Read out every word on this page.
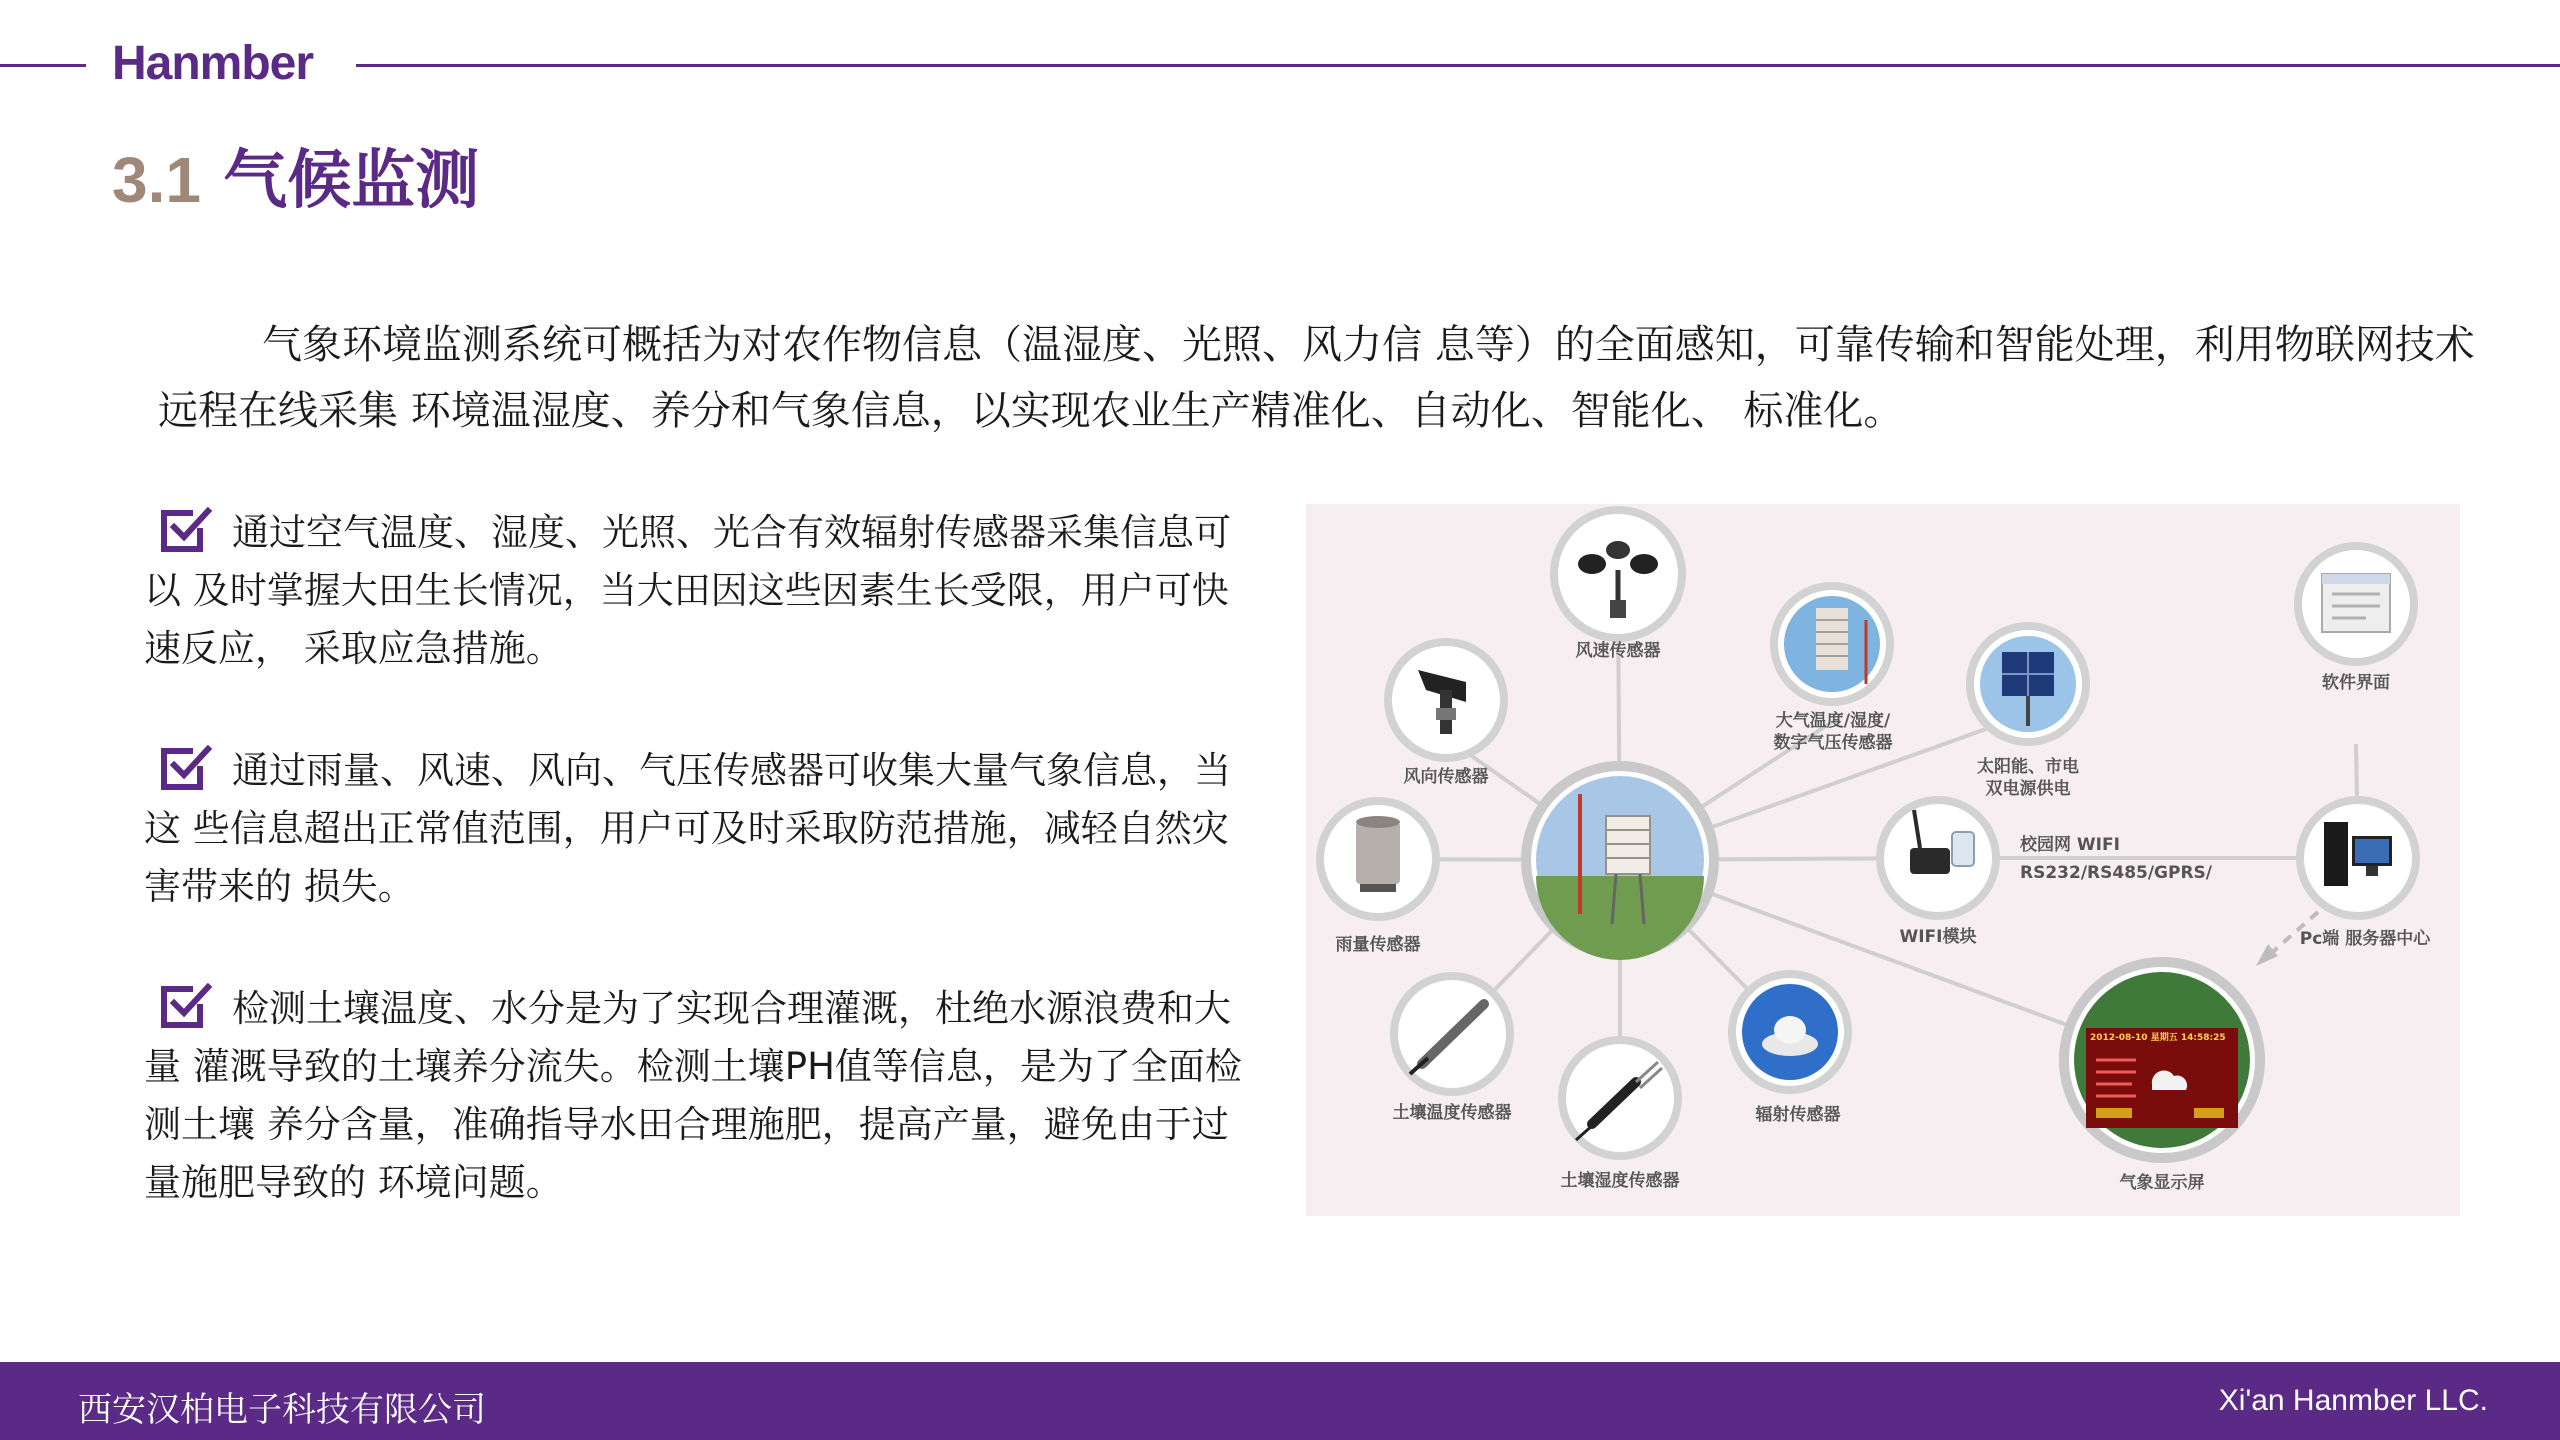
Hanmber
3.1 气候监测

气象环境监测系统可概括为对农作物信息（温湿度、光照、风力信 息等）的全面感知，可靠传输和智能处理，利用物联网技术远程在线采集 环境温湿度、养分和气象信息，以实现农业生产精准化、自动化、智能化、 标准化。

通过空气温度、湿度、光照、光合有效辐射传感器采集信息可以 及时掌握大田生长情况，当大田因这些因素生长受限，用户可快速反应， 采取应急措施。
通过雨量、风速、风向、气压传感器可收集大量气象信息，当这 些信息超出正常值范围，用户可及时采取防范措施，减轻自然灾害带来的 损失。
检测土壤温度、水分是为了实现合理灌溉，杜绝水源浪费和大量 灌溉导致的土壤养分流失。检测土壤PH值等信息，是为了全面检测土壤 养分含量，准确指导水田合理施肥，提高产量，避免由于过量施肥导致的 环境问题。
风速传感器
风向传感器
大气温度/湿度/
数字气压传感器
太阳能、市电
双电源供电
软件界面
雨量传感器
校园网 WIFI
RS232/RS485/GPRS/
WIFI模块	Pc端 服务器中心
土壤温度传感器
土壤湿度传感器
辐射传感器
气象显示屏
2012-08-10 星期五 14:58:25
西安汉柏电子科技有限公司	Xi'an Hanmber LLC.
